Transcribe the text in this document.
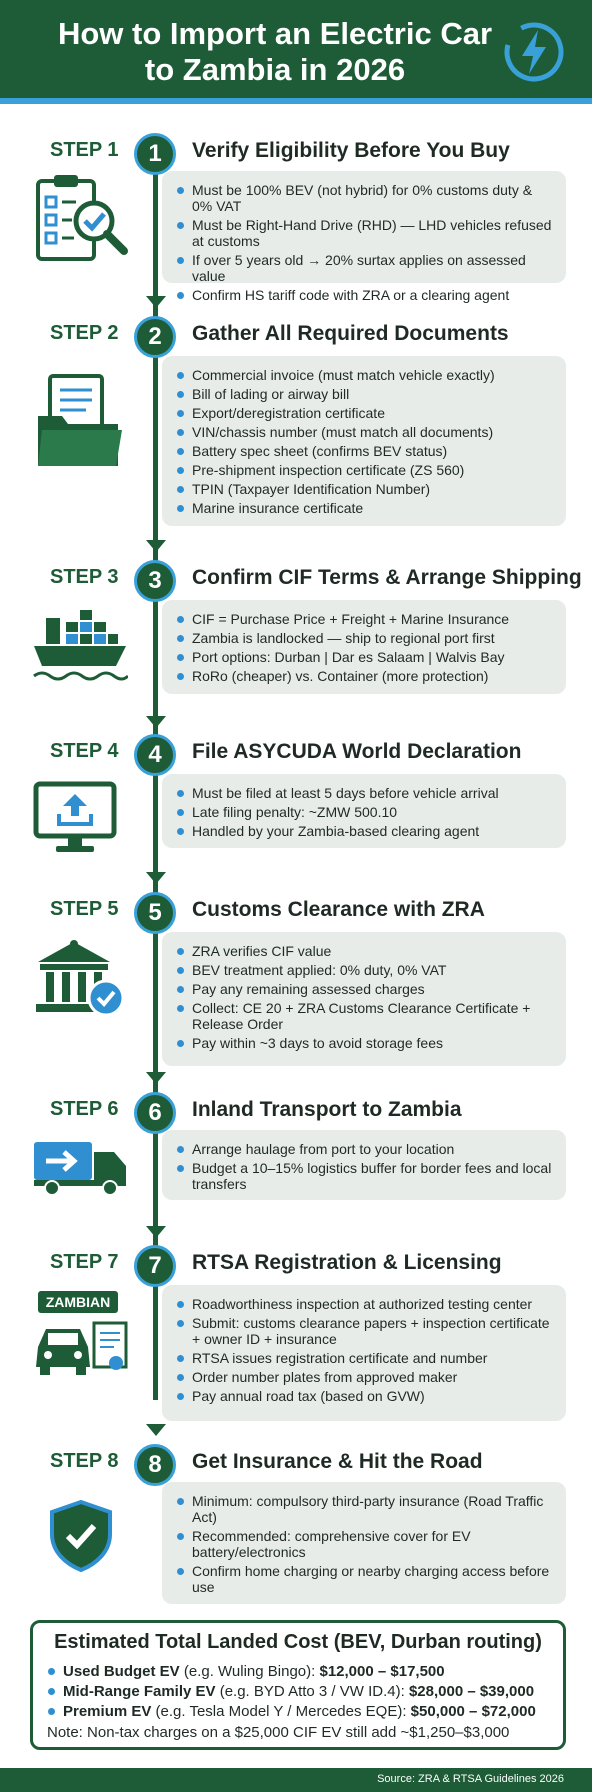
How to Import an Electric Car to Zambia in 2026
STEP 1	1	Verify Eligibility Before You Buy
Must be 100% BEV (not hybrid) for 0% customs duty & 0% VAT
Must be Right-Hand Drive (RHD) — LHD vehicles refused at customs
If over 5 years old → 20% surtax applies on assessed value
Confirm HS tariff code with ZRA or a clearing agent
STEP 2	2	Gather All Required Documents
Commercial invoice (must match vehicle exactly)
Bill of lading or airway bill
Export/deregistration certificate
VIN/chassis number (must match all documents)
Battery spec sheet (confirms BEV status)
Pre-shipment inspection certificate (ZS 560)
TPIN (Taxpayer Identification Number)
Marine insurance certificate
STEP 3	3	Confirm CIF Terms & Arrange Shipping
CIF = Purchase Price + Freight + Marine Insurance
Zambia is landlocked — ship to regional port first
Port options: Durban | Dar es Salaam | Walvis Bay
RoRo (cheaper) vs. Container (more protection)
STEP 4	4	File ASYCUDA World Declaration
Must be filed at least 5 days before vehicle arrival
Late filing penalty: ~ZMW 500.10
Handled by your Zambia-based clearing agent
STEP 5	5	Customs Clearance with ZRA
ZRA verifies CIF value
BEV treatment applied: 0% duty, 0% VAT
Pay any remaining assessed charges
Collect: CE 20 + ZRA Customs Clearance Certificate + Release Order
Pay within ~3 days to avoid storage fees
STEP 6	6	Inland Transport to Zambia
Arrange haulage from port to your location
Budget a 10–15% logistics buffer for border fees and local transfers
STEP 7	7	RTSA Registration & Licensing
ZAMBIAN	Roadworthiness inspection at authorized testing center
Submit: customs clearance papers + inspection certificate + owner ID + insurance
RTSA issues registration certificate and number
Order number plates from approved maker
Pay annual road tax (based on GVW)
STEP 8	8	Get Insurance & Hit the Road
Minimum: compulsory third-party insurance (Road Traffic Act)
Recommended: comprehensive cover for EV battery/electronics
Confirm home charging or nearby charging access before use
Estimated Total Landed Cost (BEV, Durban routing)
Used Budget EV (e.g. Wuling Bingo): $12,000 – $17,500
Mid-Range Family EV (e.g. BYD Atto 3 / VW ID.4): $28,000 – $39,000
Premium EV (e.g. Tesla Model Y / Mercedes EQE): $50,000 – $72,000
Note: Non-tax charges on a $25,000 CIF EV still add ~$1,250–$3,000
Source: ZRA & RTSA Guidelines 2026
